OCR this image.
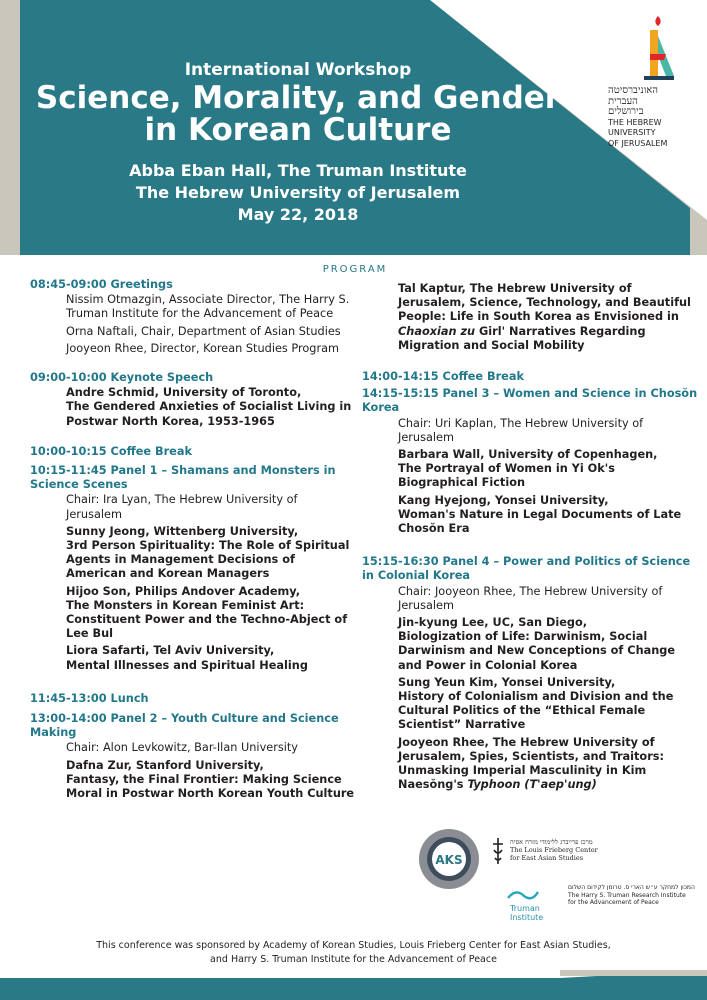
International Workshop
Science, Morality, and Gender
in Korean Culture
Abba Eban Hall, The Truman Institute
The Hebrew University of Jerusalem
May 22, 2018
האוניברסיטה
העברית
בירושלים
THE HEBREW
UNIVERSITY
OF JERUSALEM
PROGRAM

08:45-09:00 Greetings

Nissim Otmazgin, Associate Director, The Harry S. Truman Institute for the Advancement of Peace

Orna Naftali, Chair, Department of Asian Studies

Jooyeon Rhee, Director, Korean Studies Program

09:00-10:00 Keynote Speech

Andre Schmid, University of Toronto,

The Gendered Anxieties of Socialist Living in Postwar North Korea, 1953-1965

10:00-10:15 Coffee Break

10:15-11:45 Panel 1 – Shamans and Monsters in Science Scenes

Chair: Ira Lyan, The Hebrew University of Jerusalem

Sunny Jeong, Wittenberg University,

3rd Person Spirituality: The Role of Spiritual Agents in Management Decisions of American and Korean Managers

Hijoo Son, Philips Andover Academy,

The Monsters in Korean Feminist Art: Constituent Power and the Techno-Abject of Lee Bul

Liora Safarti, Tel Aviv University,

Mental Illnesses and Spiritual Healing

11:45-13:00 Lunch

13:00-14:00 Panel 2 – Youth Culture and Science Making

Chair: Alon Levkowitz, Bar-Ilan University

Dafna Zur, Stanford University,

Fantasy, the Final Frontier: Making Science Moral in Postwar North Korean Youth Culture

Tal Kaptur, The Hebrew University of Jerusalem, Science, Technology, and Beautiful People: Life in South Korea as Envisioned in Chaoxian zu Girl' Narratives Regarding Migration and Social Mobility

14:00-14:15 Coffee Break

14:15-15:15 Panel 3 – Women and Science in Chosŏn Korea

Chair: Uri Kaplan, The Hebrew University of Jerusalem

Barbara Wall, University of Copenhagen,

The Portrayal of Women in Yi Ok's Biographical Fiction

Kang Hyejong, Yonsei University,

Woman's Nature in Legal Documents of Late Chosŏn Era

15:15-16:30 Panel 4 – Power and Politics of Science in Colonial Korea

Chair: Jooyeon Rhee, The Hebrew University of Jerusalem

Jin-kyung Lee, UC, San Diego,

Biologization of Life: Darwinism, Social Darwinism and New Conceptions of Change and Power in Colonial Korea

Sung Yeun Kim, Yonsei University,

History of Colonialism and Division and the Cultural Politics of the “Ethical Female Scientist” Narrative

Jooyeon Rhee, The Hebrew University of Jerusalem, Spies, Scientists, and Traitors: Unmasking Imperial Masculinity in Kim Naesŏng's Typhoon (T'aep'ung)

AKS
מרכז פרייברג ללימודי מזרח אסיה
The Louis Frieberg Center
for East Asian Studies
Truman
Institute
המכון למחקר ע״ש הארי ס. טרומן לקידום השלום
The Harry S. Truman Research Institute
for the Advancement of Peace
This conference was sponsored by Academy of Korean Studies, Louis Frieberg Center for East Asian Studies,
and Harry S. Truman Institute for the Advancement of Peace
